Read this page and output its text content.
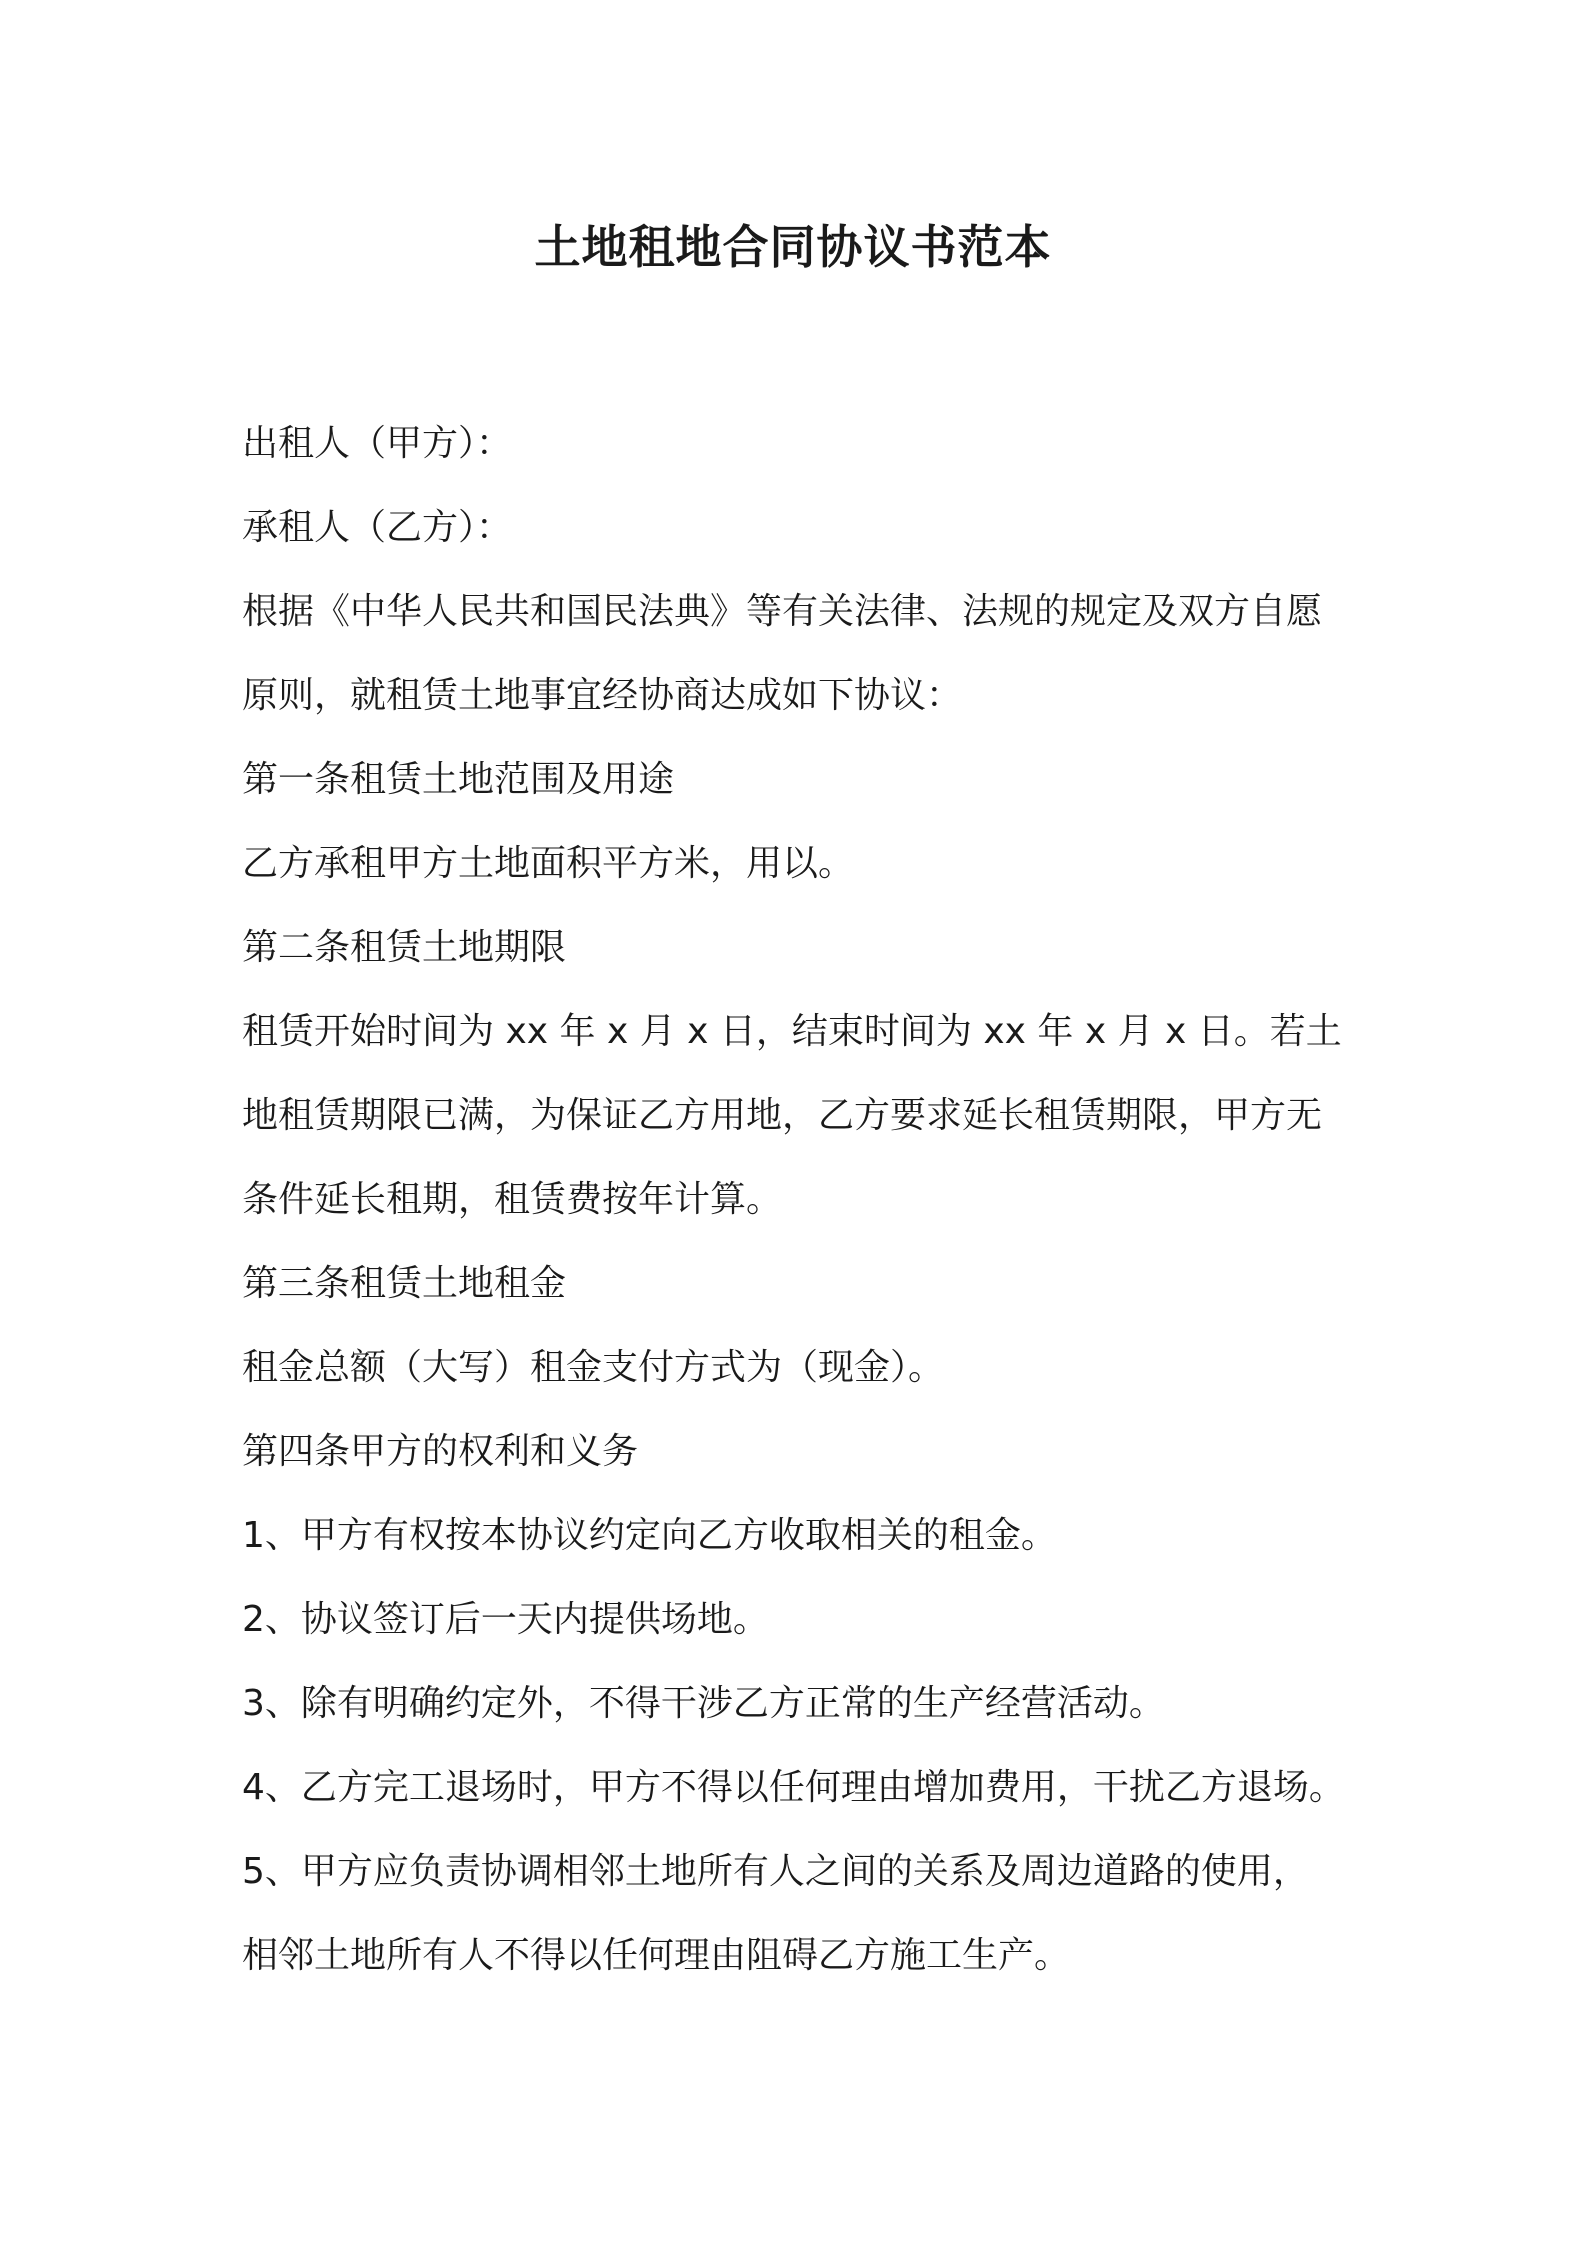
土地租地合同协议书范本
出租人（甲方）：
承租人（乙方）：
根据《中华人民共和国民法典》等有关法律、法规的规定及双方自愿
原则，就租赁土地事宜经协商达成如下协议：
第一条租赁土地范围及用途
乙方承租甲方土地面积平方米，用以。
第二条租赁土地期限
租赁开始时间为 xx 年 x 月 x 日，结束时间为 xx 年 x 月 x 日。若土
地租赁期限已满，为保证乙方用地，乙方要求延长租赁期限，甲方无
条件延长租期，租赁费按年计算。
第三条租赁土地租金
租金总额（大写）租金支付方式为（现金）。
第四条甲方的权利和义务
1、甲方有权按本协议约定向乙方收取相关的租金。
2、协议签订后一天内提供场地。
3、除有明确约定外，不得干涉乙方正常的生产经营活动。
4、乙方完工退场时，甲方不得以任何理由增加费用，干扰乙方退场。
5、甲方应负责协调相邻土地所有人之间的关系及周边道路的使用，
相邻土地所有人不得以任何理由阻碍乙方施工生产。
